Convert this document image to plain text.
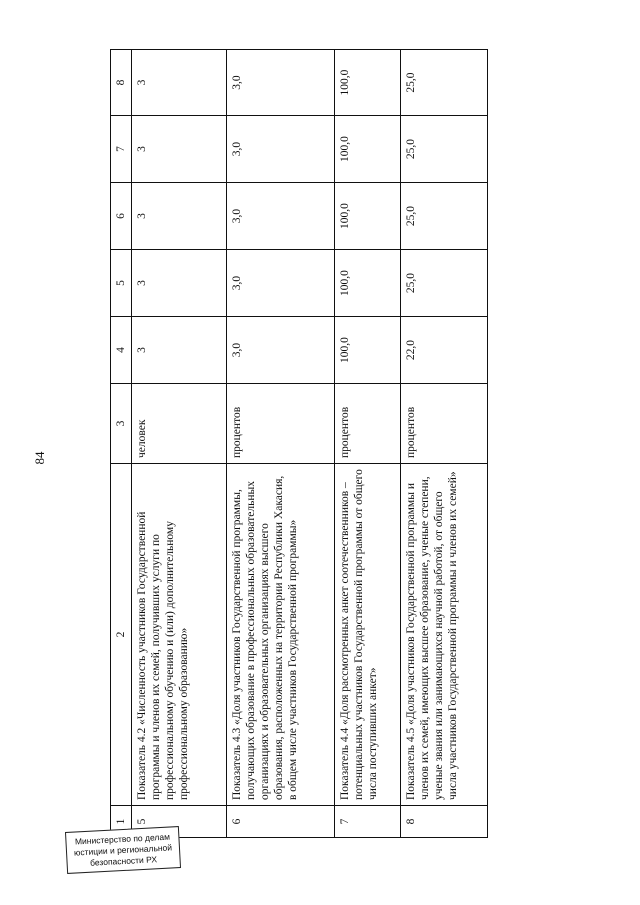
84
1	2	3	4	5	6	7	8
5	Показатель 4.2 «Численность участников Государственной программы и членов их семей, получивших услуги по профессиональному обучению и (или) дополнительному профессиональному образованию»	человек	3	3	3	3	3
6	Показатель 4.3 «Доля участников Государственной программы, получающих образование в профессиональных образовательных организациях и образовательных организациях высшего образования, расположенных на территории Республики Хакасия, в общем числе участников Государственной программы»	процентов	3,0	3,0	3,0	3,0	3,0
7	Показатель 4.4 «Доля рассмотренных анкет соотечественников – потенциальных участников Государственной программы от общего числа поступивших анкет»	процентов	100,0	100,0	100,0	100,0	100,0
8	Показатель 4.5 «Доля участников Государственной программы и членов их семей, имеющих высшее образование, ученые степени, ученые звания или занимающихся научной работой, от общего числа участников Государственной программы и членов их семей»	процентов	22,0	25,0	25,0	25,0	25,0
Министерство по делам
юстиции и региональной
безопасности РХ
